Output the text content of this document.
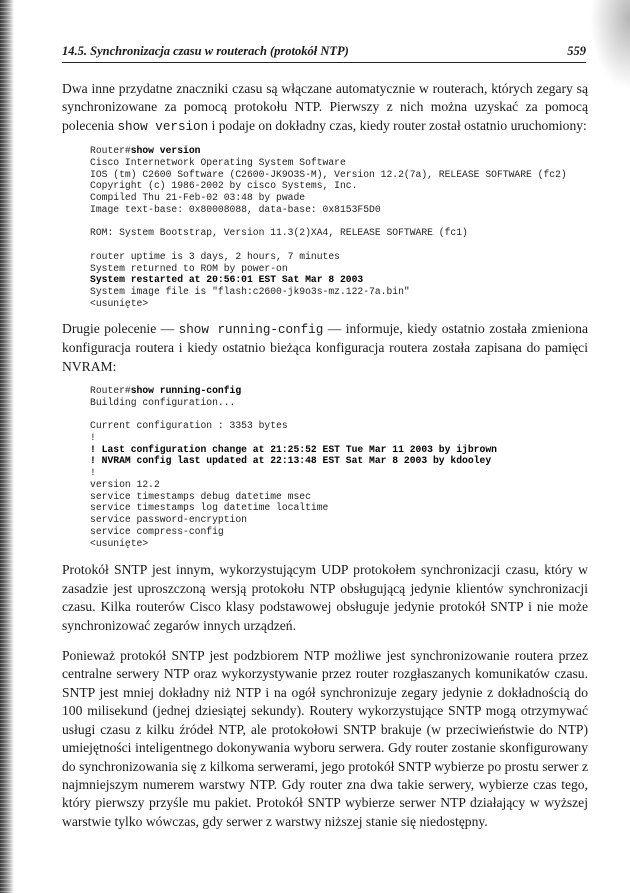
14.5. Synchronizacja czasu w routerach (protokół NTP)	559

Dwa inne przydatne znaczniki czasu są włączane automatycznie w routerach, których zegary są synchronizowane za pomocą protokołu NTP. Pierwszy z nich można uzyskać za pomocą polecenia show version i podaje on dokładny czas, kiedy router został ostatnio uruchomiony:

Router#show version
Cisco Internetwork Operating System Software
IOS (tm) C2600 Software (C2600-JK9O3S-M), Version 12.2(7a), RELEASE SOFTWARE (fc2)
Copyright (c) 1986-2002 by cisco Systems, Inc.
Compiled Thu 21-Feb-02 03:48 by pwade
Image text-base: 0x80008088, data-base: 0x8153F5D0

ROM: System Bootstrap, Version 11.3(2)XA4, RELEASE SOFTWARE (fc1)

router uptime is 3 days, 2 hours, 7 minutes
System returned to ROM by power-on
System restarted at 20:56:01 EST Sat Mar 8 2003
System image file is "flash:c2600-jk9o3s-mz.122-7a.bin"
<usunięte>

Drugie polecenie — show running-config — informuje, kiedy ostatnio została zmieniona konfiguracja routera i kiedy ostatnio bieżąca konfiguracja routera została zapisana do pamięci NVRAM:

Router#show running-config
Building configuration...

Current configuration : 3353 bytes
!
! Last configuration change at 21:25:52 EST Tue Mar 11 2003 by ijbrown
! NVRAM config last updated at 22:13:48 EST Sat Mar 8 2003 by kdooley
!
version 12.2
service timestamps debug datetime msec
service timestamps log datetime localtime
service password-encryption
service compress-config
<usunięte>

Protokół SNTP jest innym, wykorzystującym UDP protokołem synchronizacji czasu, który w zasadzie jest uproszczoną wersją protokołu NTP obsługującą jedynie klientów synchronizacji czasu. Kilka routerów Cisco klasy podstawowej obsługuje jedynie protokół SNTP i nie może synchronizować zegarów innych urządzeń.

Ponieważ protokół SNTP jest podzbiorem NTP możliwe jest synchronizowanie routera przez centralne serwery NTP oraz wykorzystywanie przez router rozgłaszanych komunikatów czasu. SNTP jest mniej dokładny niż NTP i na ogół synchronizuje zegary jedynie z dokładnością do 100 milisekund (jednej dziesiątej sekundy). Routery wykorzystujące SNTP mogą otrzymywać usługi czasu z kilku źródeł NTP, ale protokołowi SNTP brakuje (w przeciwieństwie do NTP) umiejętności inteligentnego dokonywania wyboru serwera. Gdy router zostanie skonfigurowany do synchronizowania się z kilkoma serwerami, jego protokół SNTP wybierze po prostu serwer z najmniejszym numerem warstwy NTP. Gdy router zna dwa takie serwery, wybierze czas tego, który pierwszy przyśle mu pakiet. Protokół SNTP wybierze serwer NTP działający w wyższej warstwie tylko wówczas, gdy serwer z warstwy niższej stanie się niedostępny.
